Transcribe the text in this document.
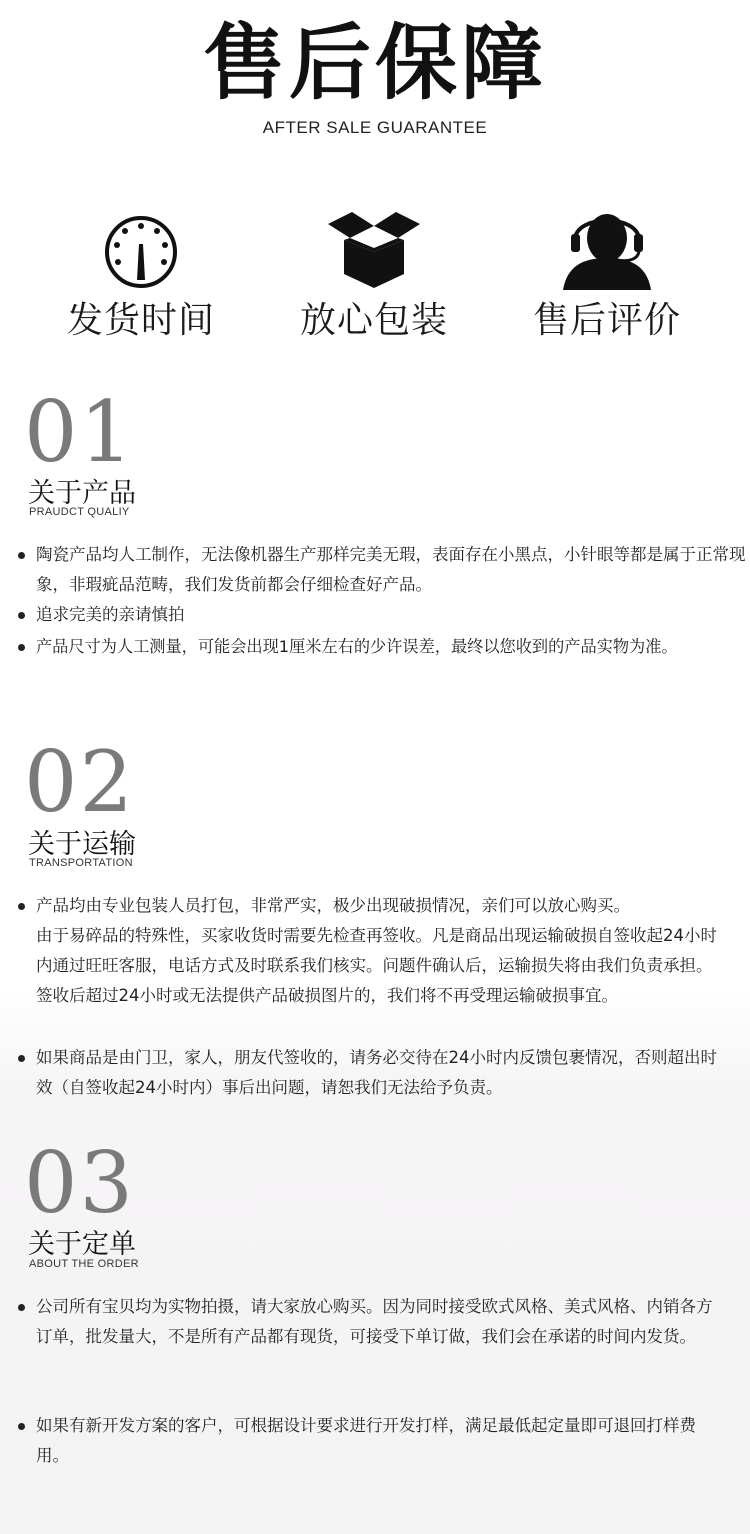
售后保障
AFTER SALE GUARANTEE
发货时间	放心包装	售后评价
01
关于产品
PRAUDCT QUALIY
陶瓷产品均人工制作，无法像机器生产那样完美无瑕，表面存在小黑点，小针眼等都是属于正常现象，非瑕疵品范畴，我们发货前都会仔细检查好产品。
追求完美的亲请慎拍
产品尺寸为人工测量，可能会出现1厘米左右的少许误差，最终以您收到的产品实物为准。
02
关于运输
TRANSPORTATION
产品均由专业包装人员打包，非常严实，极少出现破损情况，亲们可以放心购买。
由于易碎品的特殊性，买家收货时需要先检查再签收。凡是商品出现运输破损自签收起24小时内通过旺旺客服，电话方式及时联系我们核实。问题件确认后，运输损失将由我们负责承担。签收后超过24小时或无法提供产品破损图片的，我们将不再受理运输破损事宜。
如果商品是由门卫，家人，朋友代签收的，请务必交待在24小时内反馈包裹情况，否则超出时效（自签收起24小时内）事后出问题，请恕我们无法给予负责。
03
关于定单
ABOUT THE ORDER
公司所有宝贝均为实物拍摄，请大家放心购买。因为同时接受欧式风格、美式风格、内销各方订单，批发量大，不是所有产品都有现货，可接受下单订做，我们会在承诺的时间内发货。
如果有新开发方案的客户，可根据设计要求进行开发打样，满足最低起定量即可退回打样费用。
